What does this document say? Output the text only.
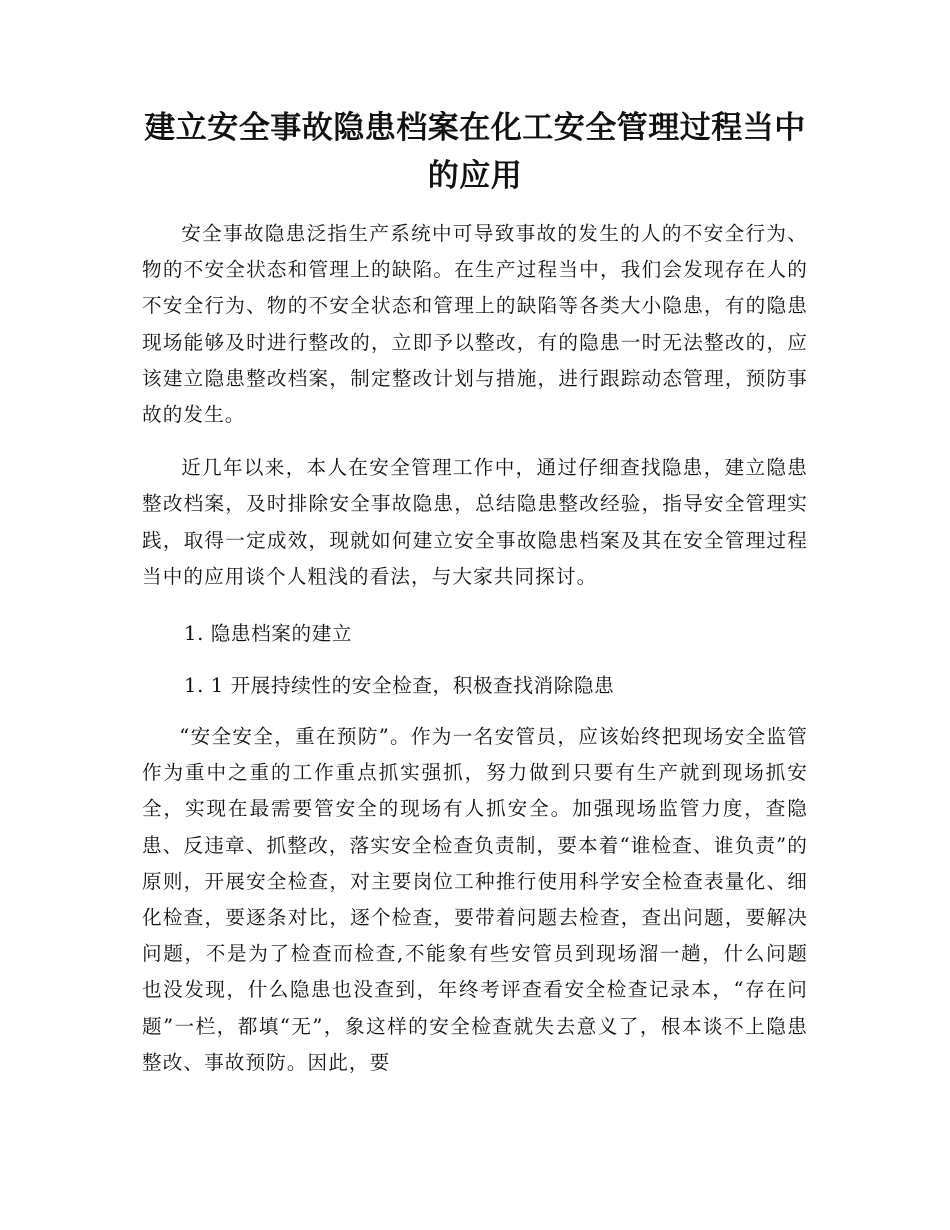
建立安全事故隐患档案在化工安全管理过程当中的应用

安全事故隐患泛指生产系统中可导致事故的发生的人的不安全行为、物的不安全状态和管理上的缺陷。在生产过程当中，我们会发现存在人的不安全行为、物的不安全状态和管理上的缺陷等各类大小隐患，有的隐患现场能够及时进行整改的，立即予以整改，有的隐患一时无法整改的，应该建立隐患整改档案，制定整改计划与措施，进行跟踪动态管理，预防事故的发生。

近几年以来，本人在安全管理工作中，通过仔细查找隐患，建立隐患整改档案，及时排除安全事故隐患，总结隐患整改经验，指导安全管理实践，取得一定成效，现就如何建立安全事故隐患档案及其在安全管理过程当中的应用谈个人粗浅的看法，与大家共同探讨。

1. 隐患档案的建立

1. 1 开展持续性的安全检查，积极查找消除隐患

“安全安全，重在预防”。作为一名安管员，应该始终把现场安全监管作为重中之重的工作重点抓实强抓，努力做到只要有生产就到现场抓安全，实现在最需要管安全的现场有人抓安全。加强现场监管力度，查隐患、反违章、抓整改，落实安全检查负责制，要本着“谁检查、谁负责”的原则，开展安全检查，对主要岗位工种推行使用科学安全检查表量化、细化检查，要逐条对比，逐个检查，要带着问题去检查，查出问题，要解决问题，不是为了检查而检查,不能象有些安管员到现场溜一趟，什么问题也没发现，什么隐患也没查到，年终考评查看安全检查记录本，“存在问题”一栏，都填“无”，象这样的安全检查就失去意义了，根本谈不上隐患整改、事故预防。因此，要
